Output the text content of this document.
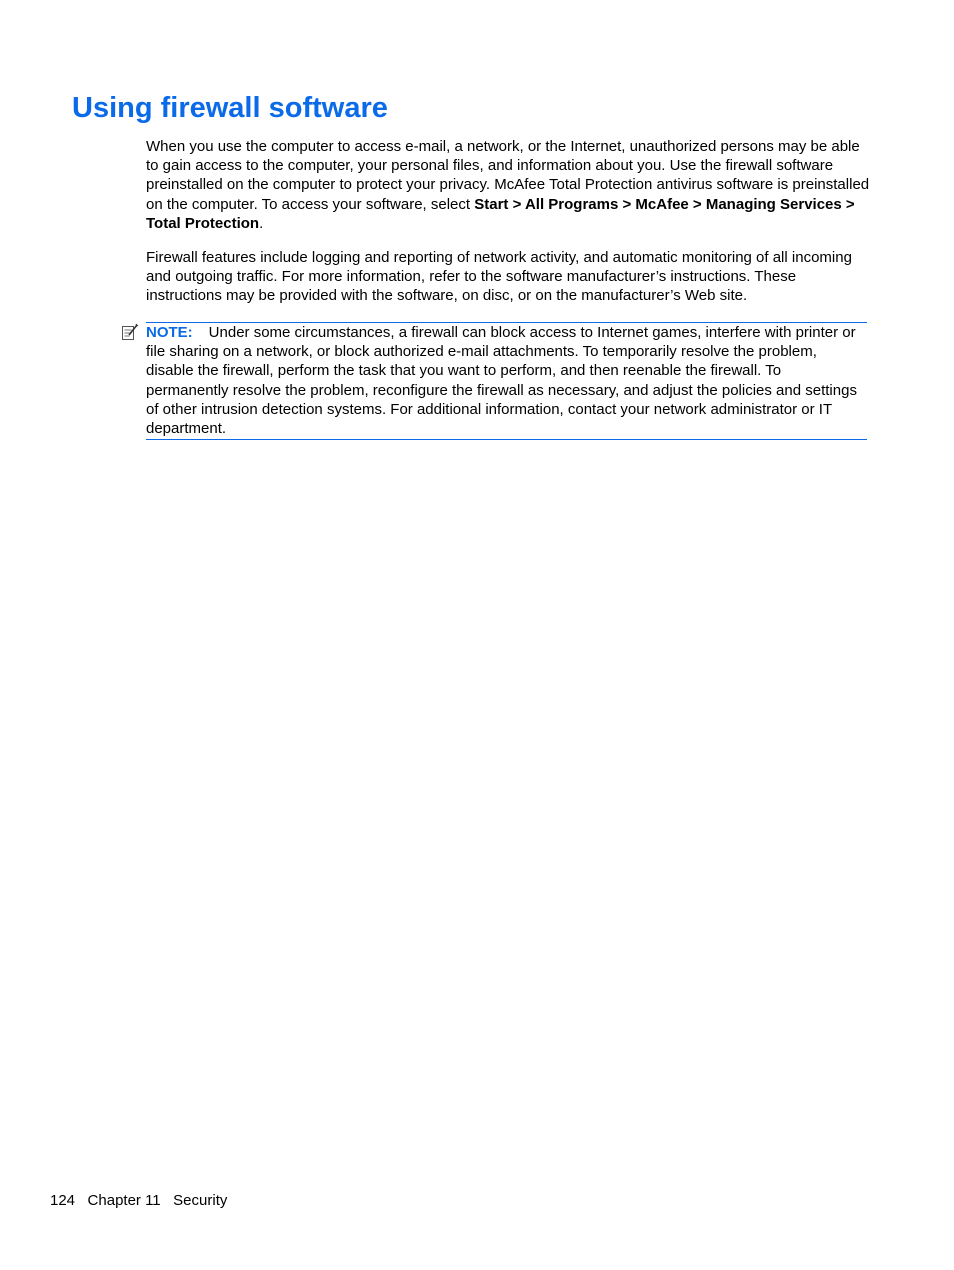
Using firewall software

When you use the computer to access e-mail, a network, or the Internet, unauthorized persons may be able to gain access to the computer, your personal files, and information about you. Use the firewall software preinstalled on the computer to protect your privacy. McAfee Total Protection antivirus software is preinstalled on the computer. To access your software, select Start > All Programs > McAfee > Managing Services > Total Protection.

Firewall features include logging and reporting of network activity, and automatic monitoring of all incoming and outgoing traffic. For more information, refer to the software manufacturer’s instructions. These instructions may be provided with the software, on disc, or on the manufacturer’s Web site.

NOTE: Under some circumstances, a firewall can block access to Internet games, interfere with printer or file sharing on a network, or block authorized e-mail attachments. To temporarily resolve the problem, disable the firewall, perform the task that you want to perform, and then reenable the firewall. To permanently resolve the problem, reconfigure the firewall as necessary, and adjust the policies and settings of other intrusion detection systems. For additional information, contact your network administrator or IT department.
124 Chapter 11 Security
